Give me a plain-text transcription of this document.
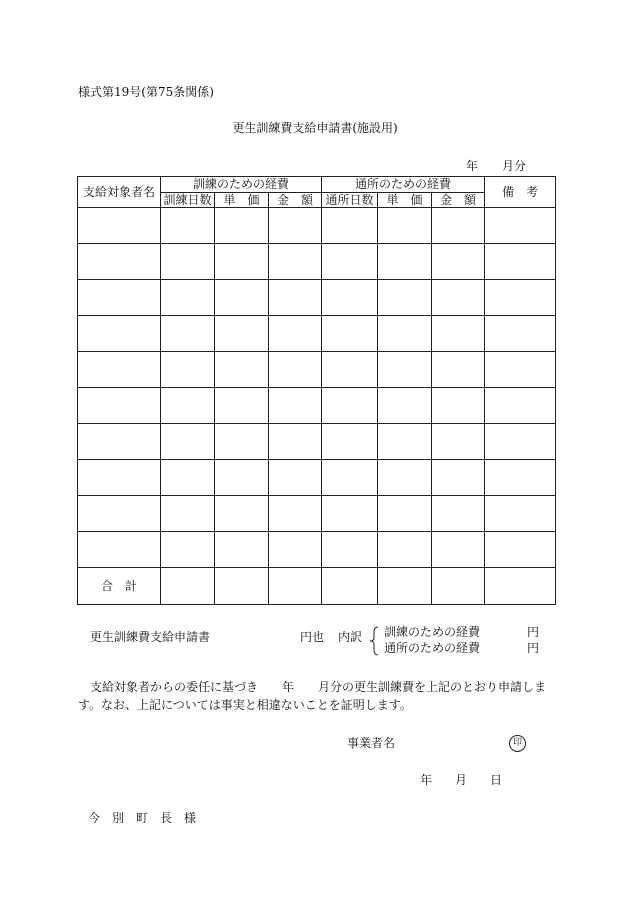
様式第19号(第75条関係)
更生訓練費支給申請書(施設用)
年　　月分
支給対象者名	訓練のための経費			通所のための経費			備　考
	訓練日数	単　価	金　額	通所日数	単　価	金　額	

合　計							
更生訓練費支給申請書	円也 内訳 訓練のための経費	円
通所のための経費	円
支給対象者からの委任に基づき　　年　　月分の更生訓練費を上記のとおり申請します。なお、上記については事実と相違ないことを証明します。
事業者名	印
年 月 日
今　別　町　長　様
